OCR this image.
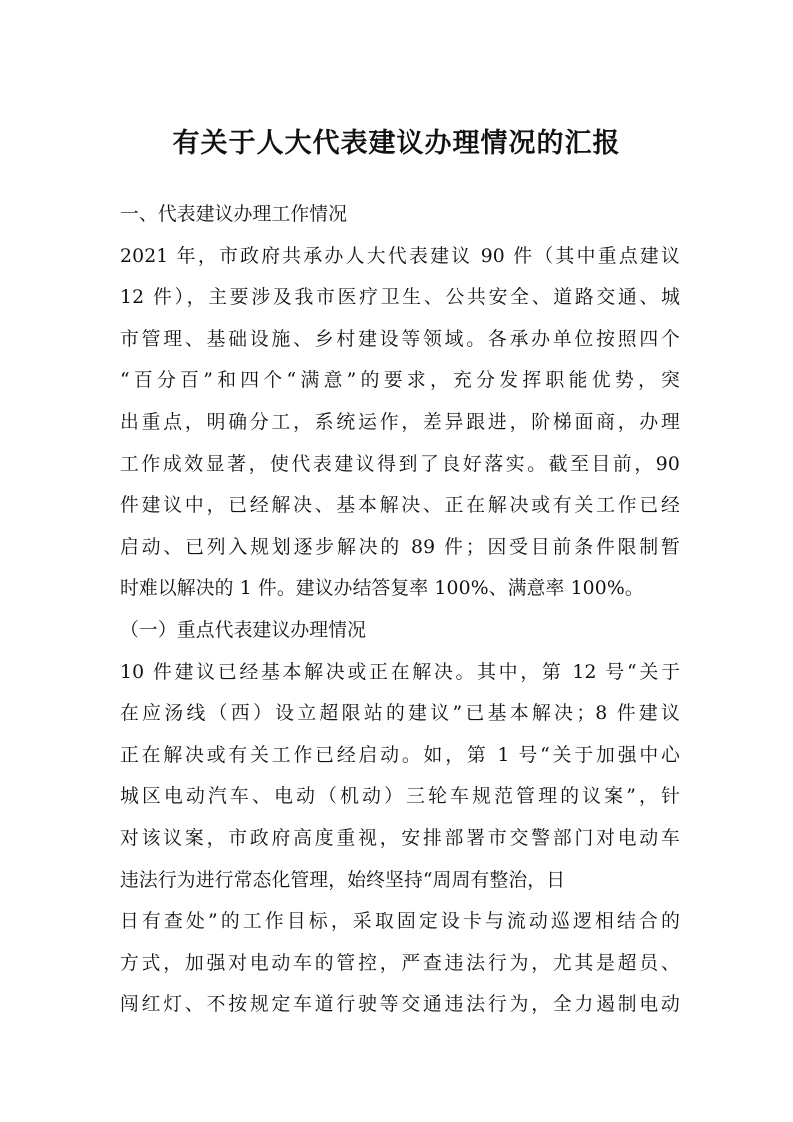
有关于人大代表建议办理情况的汇报
一、代表建议办理工作情况
2021 年，市政府共承办人大代表建议 90 件（其中重点建议
12 件），主要涉及我市医疗卫生、公共安全、道路交通、城
市管理、基础设施、乡村建设等领域。各承办单位按照四个
“百分百”和四个“满意”的要求，充分发挥职能优势，突
出重点，明确分工，系统运作，差异跟进，阶梯面商，办理
工作成效显著，使代表建议得到了良好落实。截至目前，90
件建议中，已经解决、基本解决、正在解决或有关工作已经
启动、已列入规划逐步解决的 89 件；因受目前条件限制暂
时难以解决的 1 件。建议办结答复率 100%、满意率 100%。
（一）重点代表建议办理情况
10 件建议已经基本解决或正在解决。其中，第 12 号“关于
在应汤线（西）设立超限站的建议”已基本解决；8 件建议
正在解决或有关工作已经启动。如，第 1 号“关于加强中心
城区电动汽车、电动（机动）三轮车规范管理的议案”，针
对该议案，市政府高度重视，安排部署市交警部门对电动车
违法行为进行常态化管理，始终坚持“周周有整治，日
日有查处”的工作目标，采取固定设卡与流动巡逻相结合的
方式，加强对电动车的管控，严查违法行为，尤其是超员、
闯红灯、不按规定车道行驶等交通违法行为，全力遏制电动
